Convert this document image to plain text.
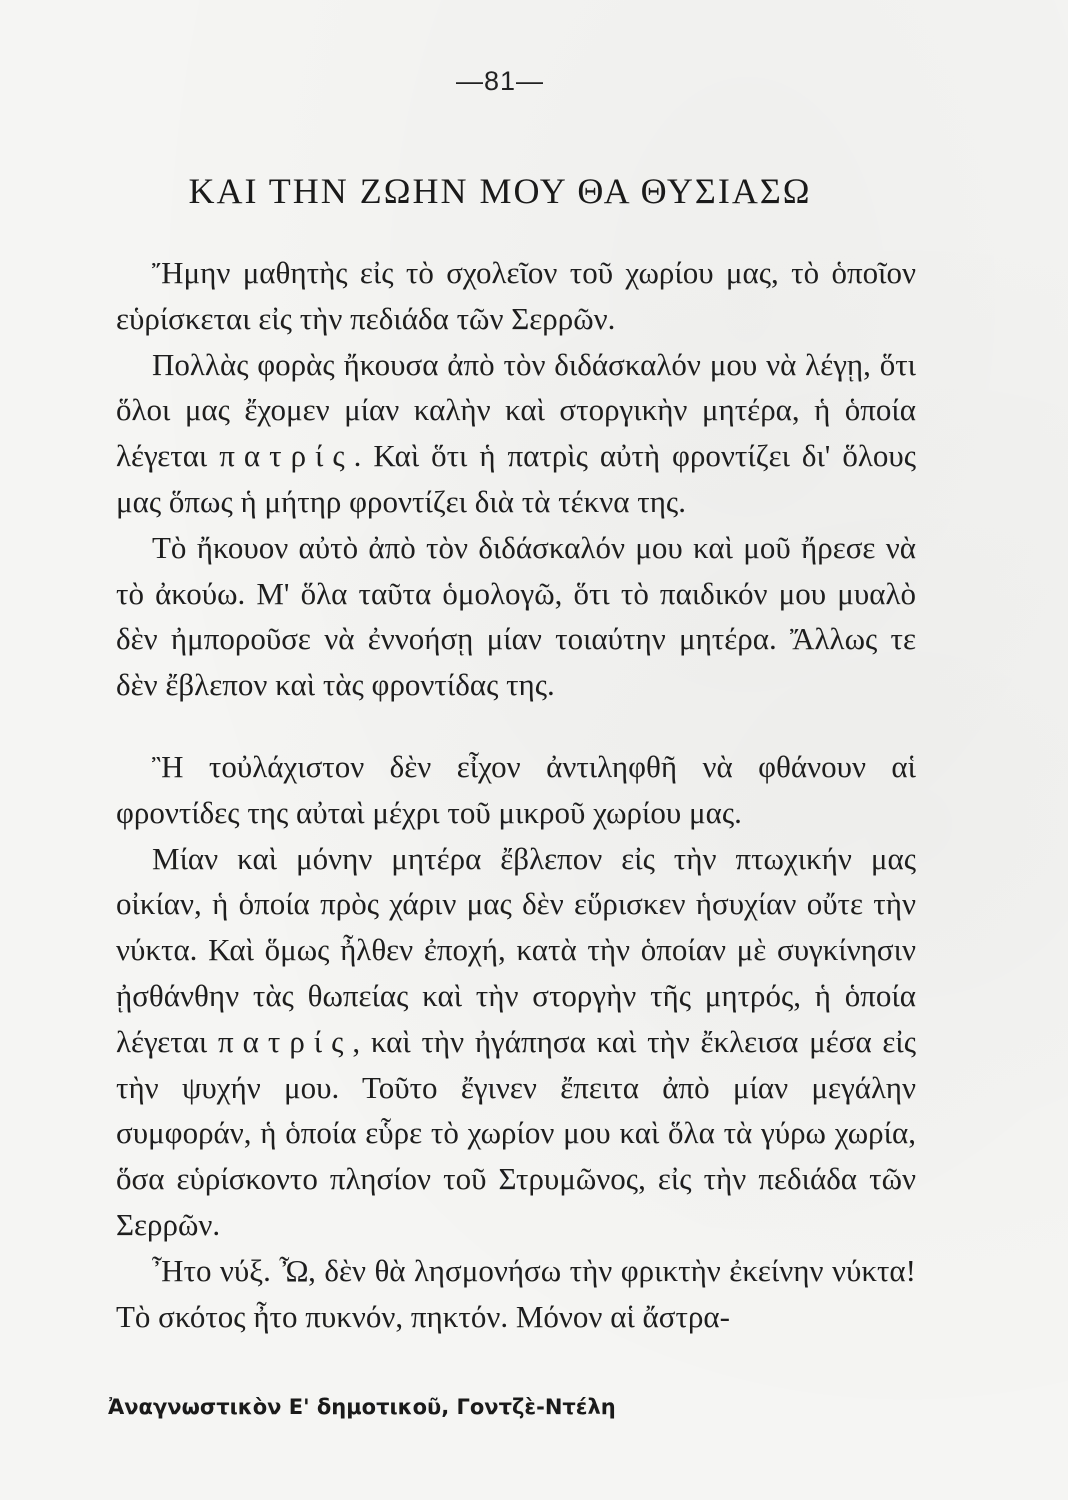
—81—
ΚΑΙ ΤΗΝ ΖΩΗΝ ΜΟΥ ΘΑ ΘΥΣΙΑΣΩ

Ἤμην μαθητὴς εἰς τὸ σχολεῖον τοῦ χωρίου μας, τὸ ὁποῖον εὑρίσκεται εἰς τὴν πεδιάδα τῶν Σερρῶν.

Πολλὰς φορὰς ἤκουσα ἀπὸ τὸν διδάσκαλόν μου νὰ λέγῃ, ὅτι ὅλοι μας ἔχομεν μίαν καλὴν καὶ στοργικὴν μητέρα, ἡ ὁποία λέγεται πατρίς. Καὶ ὅτι ἡ πατρὶς αὐτὴ φροντίζει δι' ὅλους μας ὅπως ἡ μήτηρ φροντίζει διὰ τὰ τέκνα της.

Τὸ ἤκουον αὐτὸ ἀπὸ τὸν διδάσκαλόν μου καὶ μοῦ ἤρεσε νὰ τὸ ἀκούω. Μ' ὅλα ταῦτα ὁμολογῶ, ὅτι τὸ παιδικόν μου μυαλὸ δὲν ἠμποροῦσε νὰ ἐννοήσῃ μίαν τοιαύτην μητέρα. Ἄλλως τε δὲν ἔβλεπον καὶ τὰς φροντίδας της.

Ἢ τοὐλάχιστον δὲν εἶχον ἀντιληφθῆ νὰ φθάνουν αἱ φροντίδες της αὐταὶ μέχρι τοῦ μικροῦ χωρίου μας.

Μίαν καὶ μόνην μητέρα ἔβλεπον εἰς τὴν πτωχικήν μας οἰκίαν, ἡ ὁποία πρὸς χάριν μας δὲν εὕρισκεν ἡσυχίαν οὔτε τὴν νύκτα. Καὶ ὅμως ἦλθεν ἐποχή, κατὰ τὴν ὁποίαν μὲ συγκίνησιν ᾐσθάνθην τὰς θωπείας καὶ τὴν στοργὴν τῆς μητρός, ἡ ὁποία λέγεται πατρίς, καὶ τὴν ἠγάπησα καὶ τὴν ἔκλεισα μέσα εἰς τὴν ψυχήν μου. Τοῦτο ἔγινεν ἔπειτα ἀπὸ μίαν μεγάλην συμφοράν, ἡ ὁποία εὗρε τὸ χωρίον μου καὶ ὅλα τὰ γύρω χωρία, ὅσα εὑρίσκοντο πλησίον τοῦ Στρυμῶνος, εἰς τὴν πεδιάδα τῶν Σερρῶν.

Ἦτο νύξ. Ὦ, δὲν θὰ λησμονήσω τὴν φρικτὴν ἐκείνην νύκτα! Τὸ σκότος ἦτο πυκνόν, πηκτόν. Μόνον αἱ ἄστρα-

Ἀναγνωστικὸν Ε' δημοτικοῦ, Γοντζὲ-Ντέλη
